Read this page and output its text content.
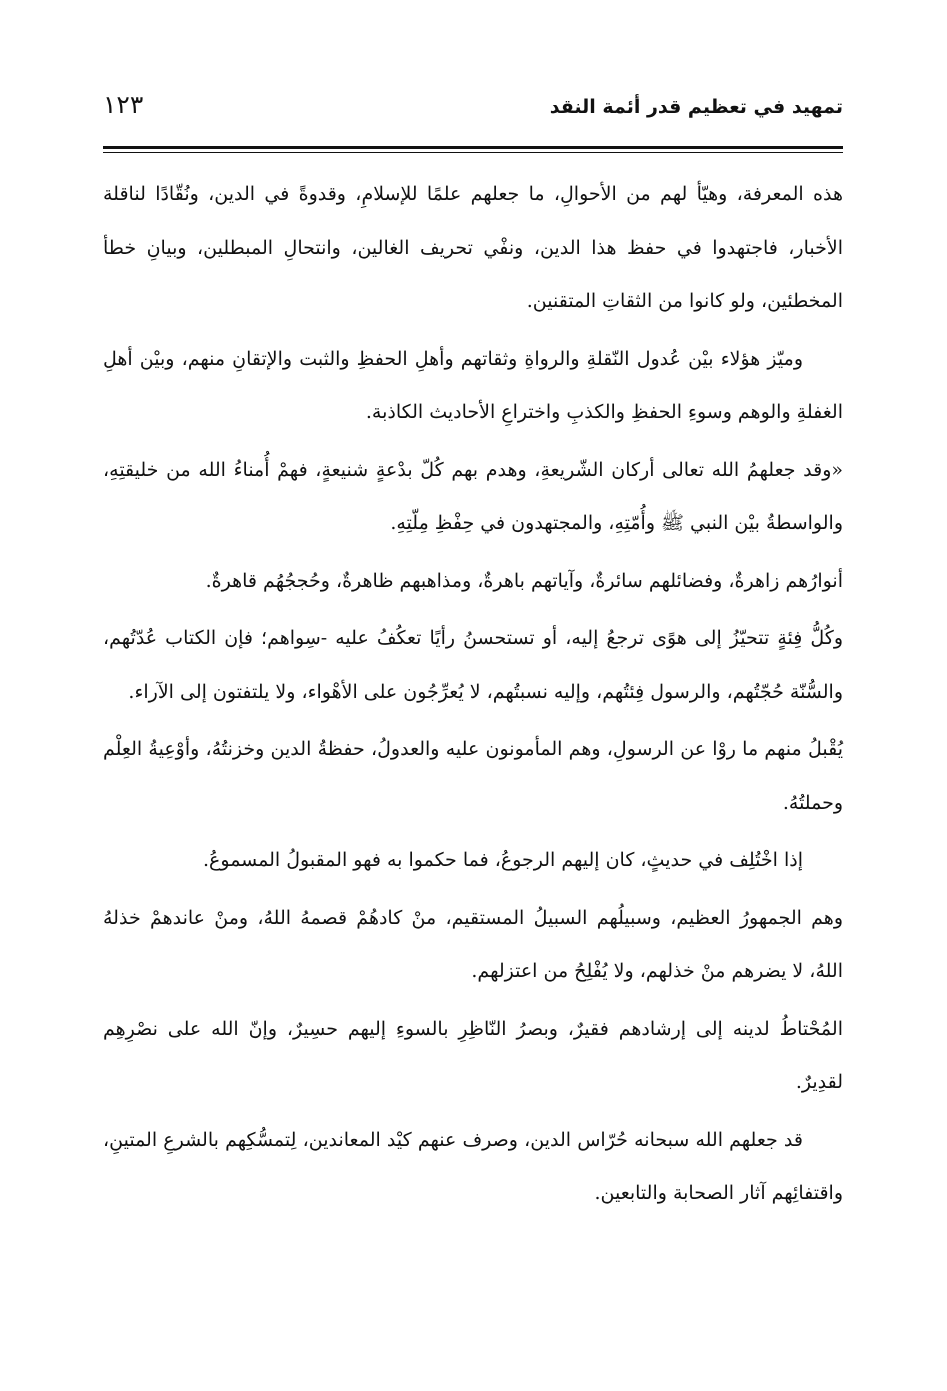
تمهيد في تعظيم قدر أئمة النقد
١٢٣

هذه المعرفة، وهيّأ لهم من الأحوالِ، ما جعلهم علمًا للإسلامِ، وقدوةً في الدين، ونُقّادًا لناقلة الأخبار، فاجتهدوا في حفظ هذا الدين، ونفْي تحريف الغالين، وانتحالِ المبطلين، وبيانِ خطأ المخطئين، ولو كانوا من الثقاتِ المتقنين.

وميّز هؤلاء بيْن عُدول النّقلةِ والرواةِ وثقاتهم وأهلِ الحفظِ والثبت والإتقانِ منهم، وبيْن أهلِ الغفلةِ والوهم وسوءِ الحفظِ والكذبِ واختراعِ الأحاديث الكاذبة.

«وقد جعلهمُ الله تعالى أركان الشّريعةِ، وهدم بهم كُلّ بدْعةٍ شنيعةٍ، فهمْ أُمناءُ الله من خليقتِهِ، والواسطةُ بيْن النبي ﷺ وأُمّتِهِ، والمجتهدون في حِفْظِ مِلّتِهِ.

أنوارُهم زاهرةٌ، وفضائلهم سائرةٌ، وآياتهم باهرةٌ، ومذاهبهم ظاهرةٌ، وحُججُهُم قاهرةٌ.

وكُلُّ فِئةٍ تتحيّزُ إلى هوًى ترجعُ إليه، أو تستحسنُ رأيًا تعكُفُ عليه -سِواهم؛ فإن الكتاب عُدّتُهم، والسُّنّة حُجّتُهم، والرسول فِئتُهم، وإليه نسبتُهم، لا يُعرِّجُون على الأهْواء، ولا يلتفتون إلى الآراء.

يُقْبلُ منهم ما روْا عن الرسولِ، وهم المأمونون عليه والعدولُ، حفظةُ الدين وخزنتُهُ، وأوْعِيةُ العِلْم وحملتُهُ.

إذا اخْتُلِف في حديثٍ، كان إليهم الرجوعُ، فما حكموا به فهو المقبولُ المسموعُ.

وهم الجمهورُ العظيم، وسبيلُهم السبيلُ المستقيم، منْ كادهُمْ قصمهُ اللهُ، ومنْ عاندهمْ خذلهُ اللهُ، لا يضرهم منْ خذلهم، ولا يُفْلِحُ من اعتزلهم.

المُحْتاطُ لدينه إلى إرشادهم فقيرٌ، وبصرُ النّاظِرِ بالسوءِ إليهم حسِيرٌ، وإنّ الله على نصْرِهِم لقدِيرٌ.

قد جعلهم الله سبحانه حُرّاس الدين، وصرف عنهم كيْد المعاندين، لِتمسُّكِهم بالشرعِ المتينِ، واقتفائِهم آثار الصحابة والتابعين.
